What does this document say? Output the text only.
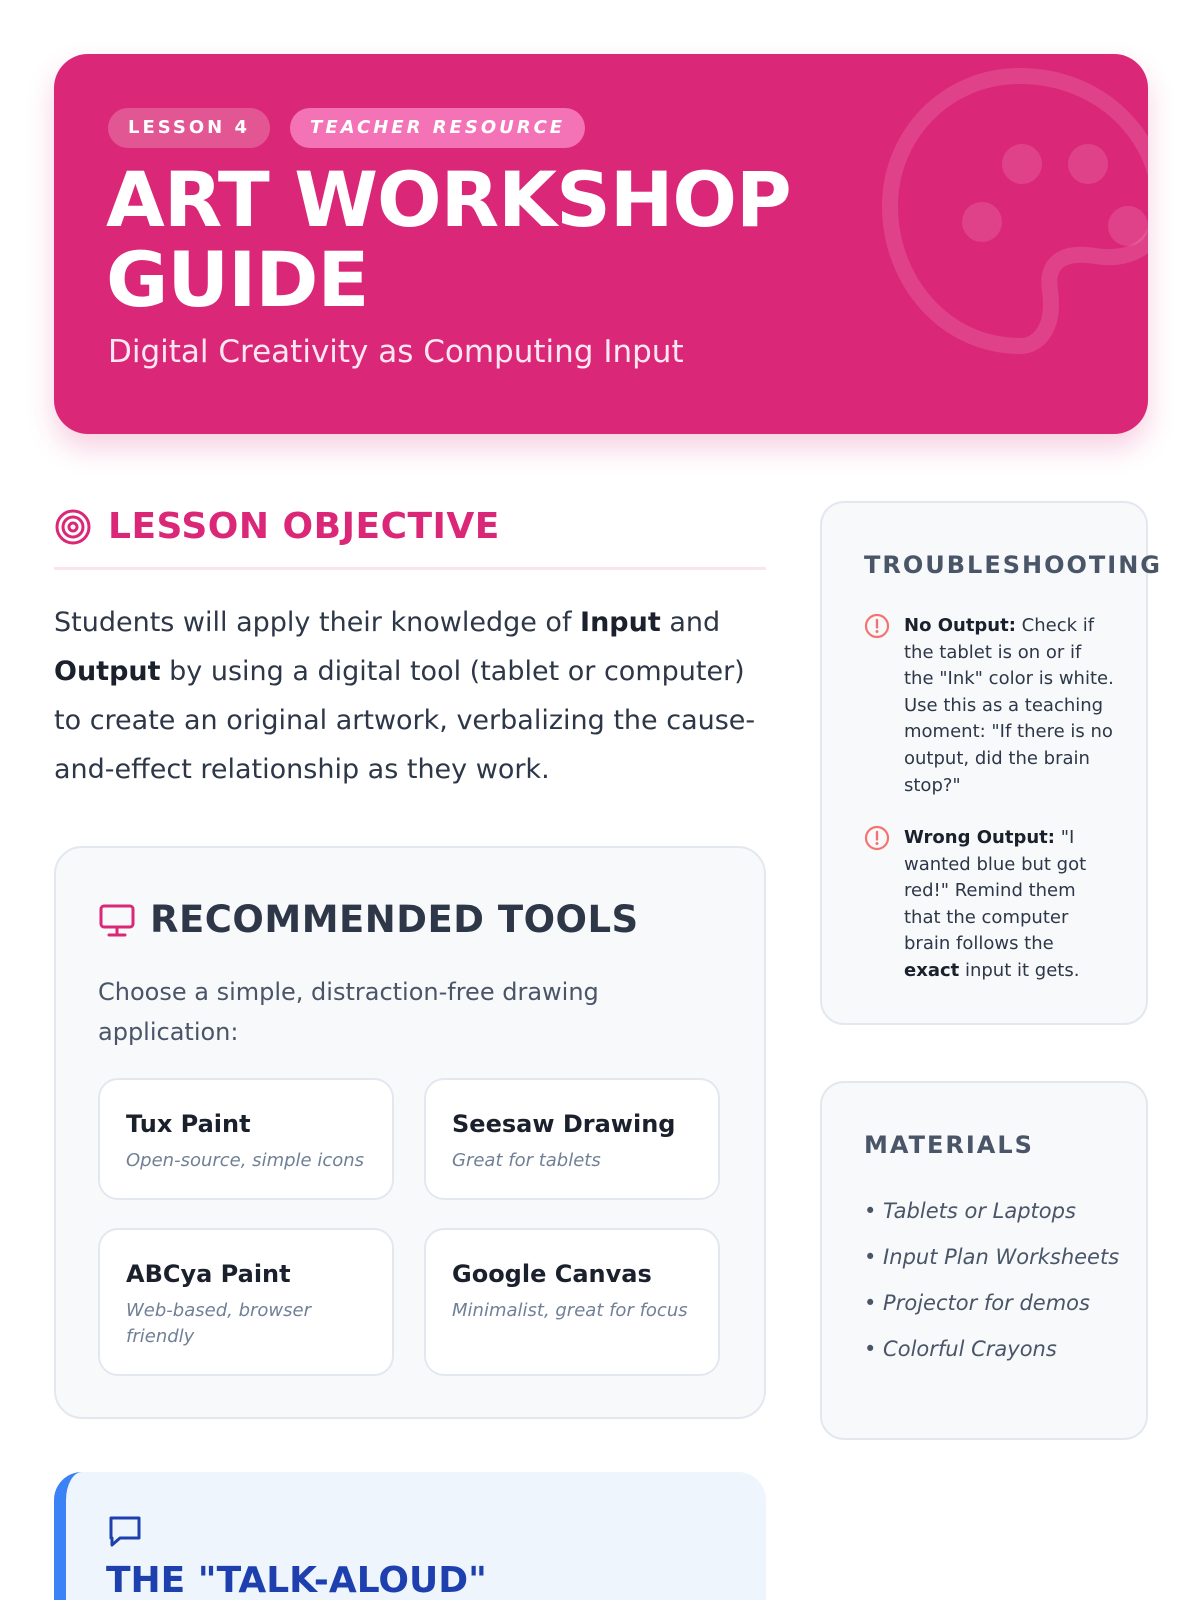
LESSON 4	TEACHER RESOURCE
ART WORKSHOP
GUIDE
Digital Creativity as Computing Input
LESSON OBJECTIVE

Students will apply their knowledge of Input and Output by using a digital tool (tablet or computer) to create an original artwork, verbalizing the cause-and-effect relationship as they work.

RECOMMENDED TOOLS

Choose a simple, distraction-free drawing application:

Tux Paint
Open-source, simple icons
Seesaw Drawing
Great for tablets
ABCya Paint
Web-based, browser friendly
Google Canvas
Minimalist, great for focus
THE "TALK-ALOUD"
TROUBLESHOOTING

No Output: Check if the tablet is on or if the "Ink" color is white. Use this as a teaching moment: "If there is no output, did the brain stop?"

Wrong Output: "I wanted blue but got red!" Remind them that the computer brain follows the exact input it gets.

MATERIALS
• Tablets or Laptops
• Input Plan Worksheets
• Projector for demos
• Colorful Crayons
